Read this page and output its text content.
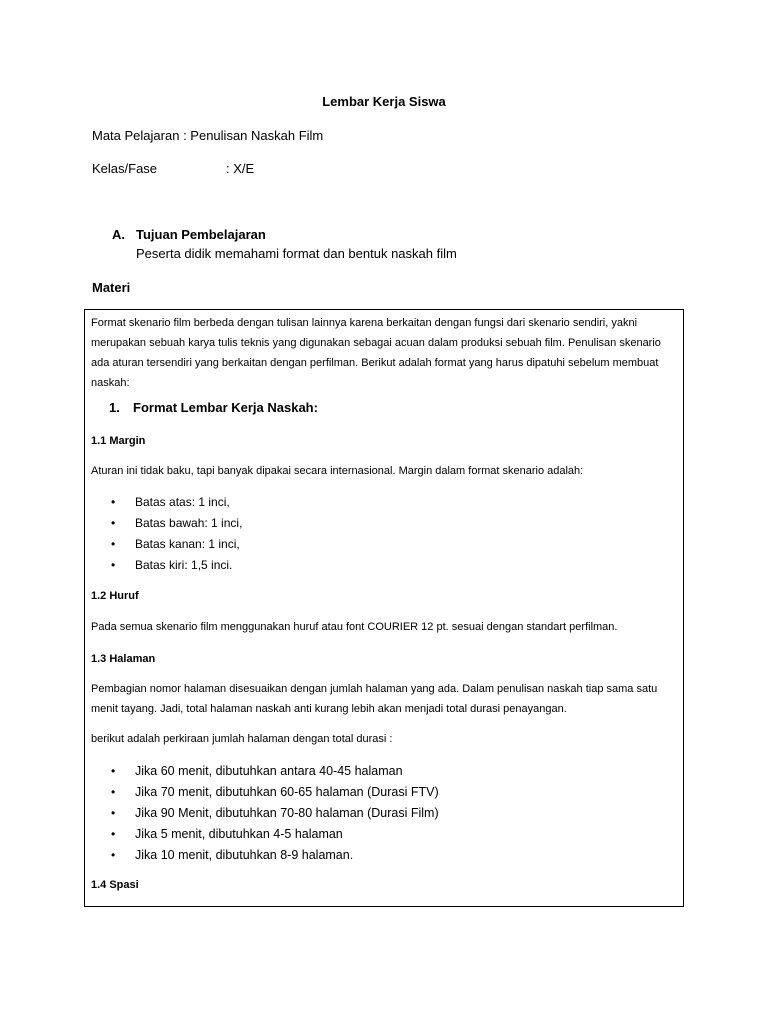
Lembar Kerja Siswa
Mata Pelajaran : Penulisan Naskah Film
Kelas/Fase	: X/E
A. Tujuan Pembelajaran
Peserta didik memahami format dan bentuk naskah film
Materi
Format skenario film berbeda dengan tulisan lainnya karena berkaitan dengan fungsi dari skenario sendiri, yakni merupakan sebuah karya tulis teknis yang digunakan sebagai acuan dalam produksi sebuah film. Penulisan skenario ada aturan tersendiri yang berkaitan dengan perfilman. Berikut adalah format yang harus dipatuhi sebelum membuat naskah:
1. Format Lembar Kerja Naskah:
1.1 Margin
Aturan ini tidak baku, tapi banyak dipakai secara internasional. Margin dalam format skenario adalah:
• Batas atas: 1 inci,
• Batas bawah: 1 inci,
• Batas kanan: 1 inci,
• Batas kiri: 1,5 inci.
1.2 Huruf
Pada semua skenario film menggunakan huruf atau font COURIER 12 pt. sesuai dengan standart perfilman.
1.3 Halaman
Pembagian nomor halaman disesuaikan dengan jumlah halaman yang ada. Dalam penulisan naskah tiap sama satu menit tayang. Jadi, total halaman naskah anti kurang lebih akan menjadi total durasi penayangan.
berikut adalah perkiraan jumlah halaman dengan total durasi :
• Jika 60 menit, dibutuhkan antara 40-45 halaman
• Jika 70 menit, dibutuhkan 60-65 halaman (Durasi FTV)
• Jika 90 Menit, dibutuhkan 70-80 halaman (Durasi Film)
• Jika 5 menit, dibutuhkan 4-5 halaman
• Jika 10 menit, dibutuhkan 8-9 halaman.
1.4 Spasi
